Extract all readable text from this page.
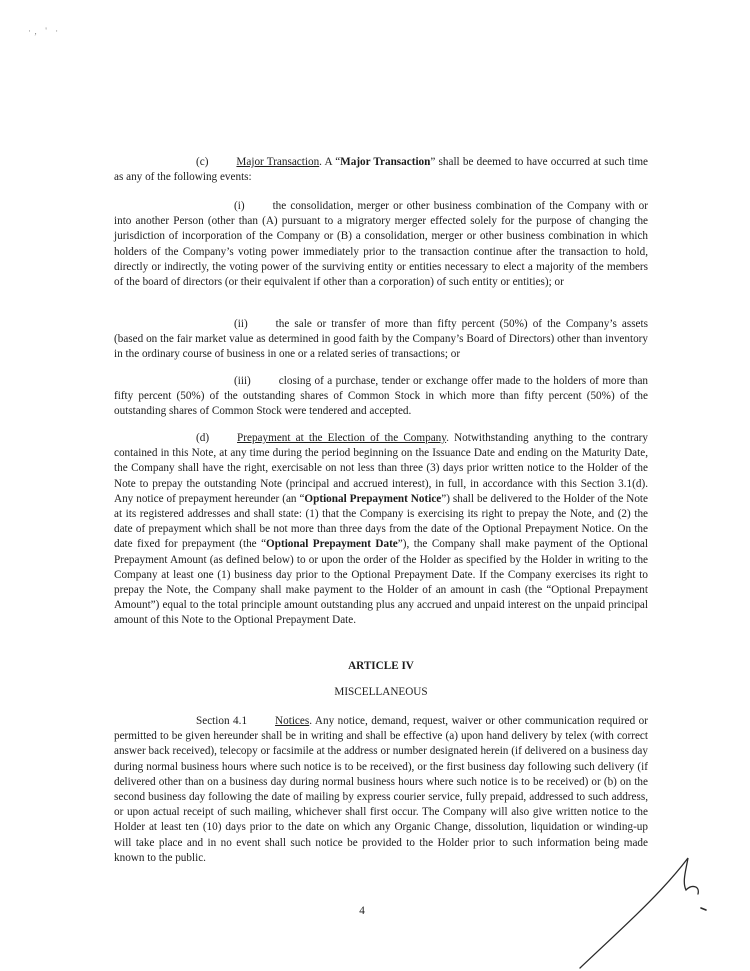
·‚ ' ·

(c)	Major Transaction. A “Major Transaction” shall be deemed to have occurred at such time as any of the following events:

(i)	the consolidation, merger or other business combination of the Company with or into another Person (other than (A) pursuant to a migratory merger effected solely for the purpose of changing the jurisdiction of incorporation of the Company or (B) a consolidation, merger or other business combination in which holders of the Company’s voting power immediately prior to the transaction continue after the transaction to hold, directly or indirectly, the voting power of the surviving entity or entities necessary to elect a majority of the members of the board of directors (or their equivalent if other than a corporation) of such entity or entities); or

(ii)	the sale or transfer of more than fifty percent (50%) of the Company’s assets (based on the fair market value as determined in good faith by the Company’s Board of Directors) other than inventory in the ordinary course of business in one or a related series of transactions; or

(iii)	closing of a purchase, tender or exchange offer made to the holders of more than fifty percent (50%) of the outstanding shares of Common Stock in which more than fifty percent (50%) of the outstanding shares of Common Stock were tendered and accepted.

(d)	Prepayment at the Election of the Company. Notwithstanding anything to the contrary contained in this Note, at any time during the period beginning on the Issuance Date and ending on the Maturity Date, the Company shall have the right, exercisable on not less than three (3) days prior written notice to the Holder of the Note to prepay the outstanding Note (principal and accrued interest), in full, in accordance with this Section 3.1(d). Any notice of prepayment hereunder (an “Optional Prepayment Notice”) shall be delivered to the Holder of the Note at its registered addresses and shall state: (1) that the Company is exercising its right to prepay the Note, and (2) the date of prepayment which shall be not more than three days from the date of the Optional Prepayment Notice. On the date fixed for prepayment (the “Optional Prepayment Date”), the Company shall make payment of the Optional Prepayment Amount (as defined below) to or upon the order of the Holder as specified by the Holder in writing to the Company at least one (1) business day prior to the Optional Prepayment Date. If the Company exercises its right to prepay the Note, the Company shall make payment to the Holder of an amount in cash (the “Optional Prepayment Amount”) equal to the total principle amount outstanding plus any accrued and unpaid interest on the unpaid principal amount of this Note to the Optional Prepayment Date.

ARTICLE IV

MISCELLANEOUS

Section 4.1	Notices. Any notice, demand, request, waiver or other communication required or permitted to be given hereunder shall be in writing and shall be effective (a) upon hand delivery by telex (with correct answer back received), telecopy or facsimile at the address or number designated herein (if delivered on a business day during normal business hours where such notice is to be received), or the first business day following such delivery (if delivered other than on a business day during normal business hours where such notice is to be received) or (b) on the second business day following the date of mailing by express courier service, fully prepaid, addressed to such address, or upon actual receipt of such mailing, whichever shall first occur. The Company will also give written notice to the Holder at least ten (10) days prior to the date on which any Organic Change, dissolution, liquidation or winding-up will take place and in no event shall such notice be provided to the Holder prior to such information being made known to the public.

4
